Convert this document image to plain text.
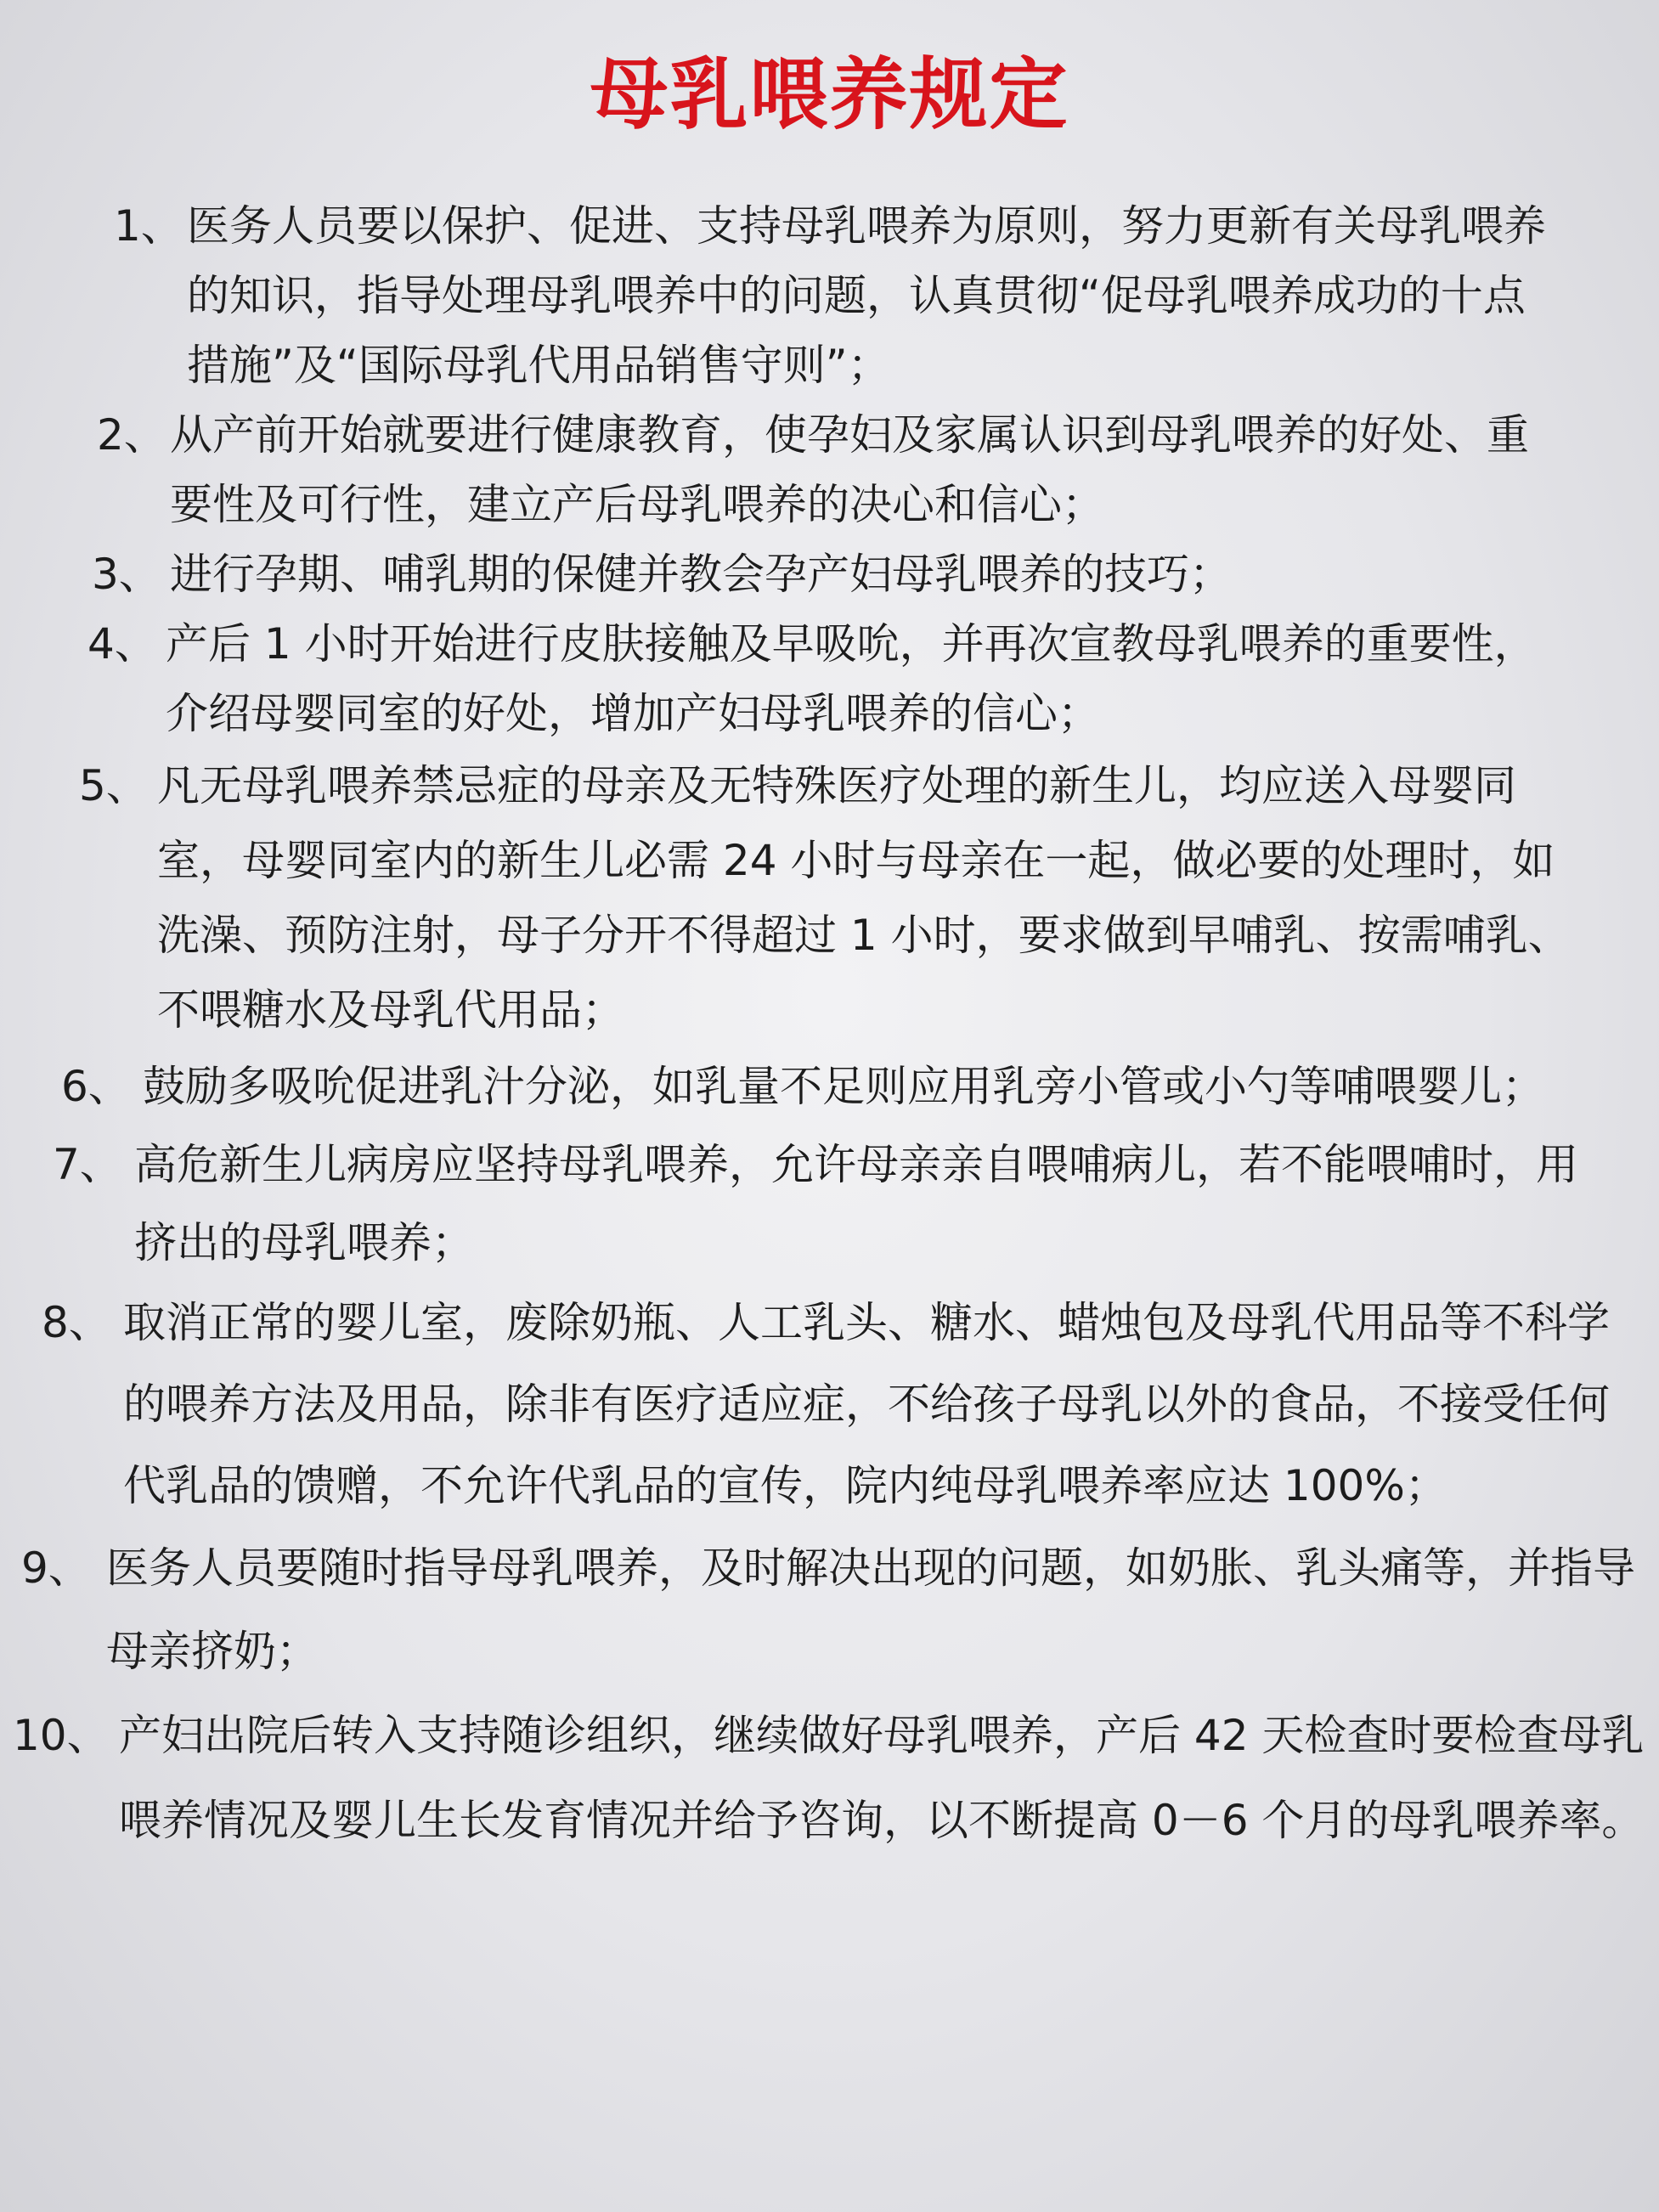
母乳喂养规定
1、 医务人员要以保护、促进、支持母乳喂养为原则，努力更新有关母乳喂养的知识，指导处理母乳喂养中的问题，认真贯彻“促母乳喂养成功的十点措施”及“国际母乳代用品销售守则”；
2、 从产前开始就要进行健康教育，使孕妇及家属认识到母乳喂养的好处、重要性及可行性，建立产后母乳喂养的决心和信心；
3、 进行孕期、哺乳期的保健并教会孕产妇母乳喂养的技巧；
4、 产后 1 小时开始进行皮肤接触及早吸吮，并再次宣教母乳喂养的重要性，介绍母婴同室的好处，增加产妇母乳喂养的信心；
5、 凡无母乳喂养禁忌症的母亲及无特殊医疗处理的新生儿，均应送入母婴同室，母婴同室内的新生儿必需 24 小时与母亲在一起，做必要的处理时，如洗澡、预防注射，母子分开不得超过 1 小时，要求做到早哺乳、按需哺乳、不喂糖水及母乳代用品；
6、 鼓励多吸吮促进乳汁分泌，如乳量不足则应用乳旁小管或小勺等哺喂婴儿；
7、 高危新生儿病房应坚持母乳喂养，允许母亲亲自喂哺病儿，若不能喂哺时，用挤出的母乳喂养；
8、 取消正常的婴儿室，废除奶瓶、人工乳头、糖水、蜡烛包及母乳代用品等不科学的喂养方法及用品，除非有医疗适应症，不给孩子母乳以外的食品，不接受任何代乳品的馈赠，不允许代乳品的宣传，院内纯母乳喂养率应达 100%；
9、 医务人员要随时指导母乳喂养，及时解决出现的问题，如奶胀、乳头痛等，并指导母亲挤奶；
10、 产妇出院后转入支持随诊组织，继续做好母乳喂养，产后 42 天检查时要检查母乳喂养情况及婴儿生长发育情况并给予咨询，以不断提高 0－6 个月的母乳喂养率。
